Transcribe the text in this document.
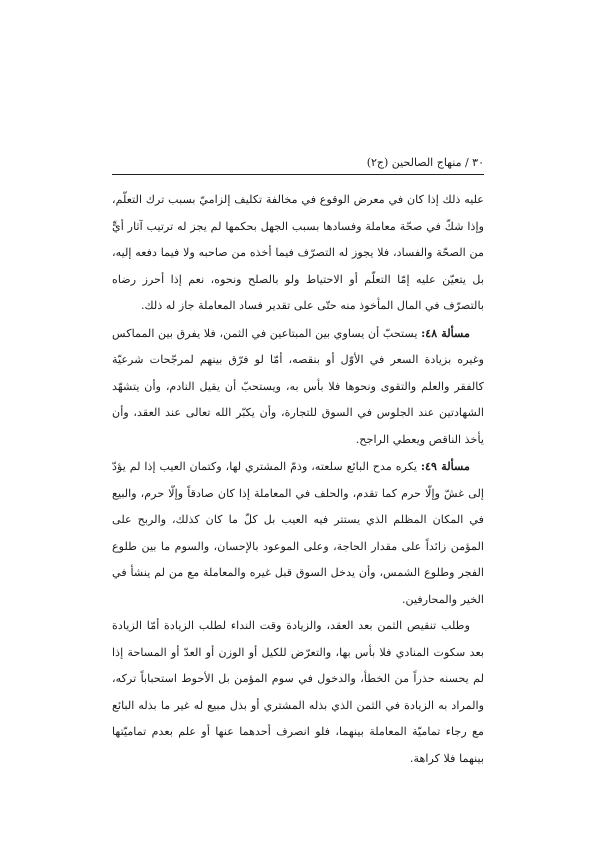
٣٠ / منهاج الصالحين (ج٢)

عليه ذلك إذا كان في معرض الوقوع في مخالفة تكليف إلزاميّ بسبب ترك التعلّم، وإذا شكّ في صحّة معاملة وفسادها بسبب الجهل بحكمها لم يجز له ترتيب آثار أيٍّ من الصحّة والفساد، فلا يجوز له التصرّف فيما أخذه من صاحبه ولا فيما دفعه إليه، بل يتعيّن عليه إمّا التعلّم أو الاحتياط ولو بالصلح ونحوه، نعم إذا أحرز رضاه بالتصرّف في المال المأخوذ منه حتّى على تقدير فساد المعاملة جاز له ذلك.

مسألة ٤٨: يستحبّ أن يساوي بين المبتاعين في الثمن، فلا يفرق بين المماكس وغيره بزيادة السعر في الأوّل أو بنقصه، أمّا لو فرّق بينهم لمرجّحات شرعيّة كالفقر والعلم والتقوى ونحوها فلا بأس به، ويستحبّ أن يقيل النادم، وأن يتشهّد الشهادتين عند الجلوس في السوق للتجارة، وأن يكبّر الله تعالى عند العقد، وأن يأخذ الناقص ويعطي الراجح.

مسألة ٤٩: يكره مدح البائع سلعته، وذمّ المشتري لها، وكتمان العيب إذا لم يؤدّ إلى غشّ وإلّا حرم كما تقدم، والحلف في المعاملة إذا كان صادقاً وإلّا حرم، والبيع في المكان المظلم الذي يستتر فيه العيب بل كلّ ما كان كذلك، والربح على المؤمن زائداً على مقدار الحاجة، وعلى الموعود بالإحسان، والسوم ما بين طلوع الفجر وطلوع الشمس، وأن يدخل السوق قبل غيره والمعاملة مع من لم ينشأ في الخير والمحارفين.

وطلب تنقيص الثمن بعد العقد، والزيادة وقت النداء لطلب الزيادة أمّا الزيادة بعد سكوت المنادي فلا بأس بها، والتعرّض للكيل أو الوزن أو العدّ أو المساحة إذا لم يحسنه حذراً من الخطأ، والدخول في سوم المؤمن بل الأحوط استحباباً تركه، والمراد به الزيادة في الثمن الذي بذله المشتري أو بذل مبيع له غير ما بذله البائع مع رجاء تماميّة المعاملة بينهما، فلو انصرف أحدهما عنها أو علم بعدم تماميّتها بينهما فلا كراهة.
